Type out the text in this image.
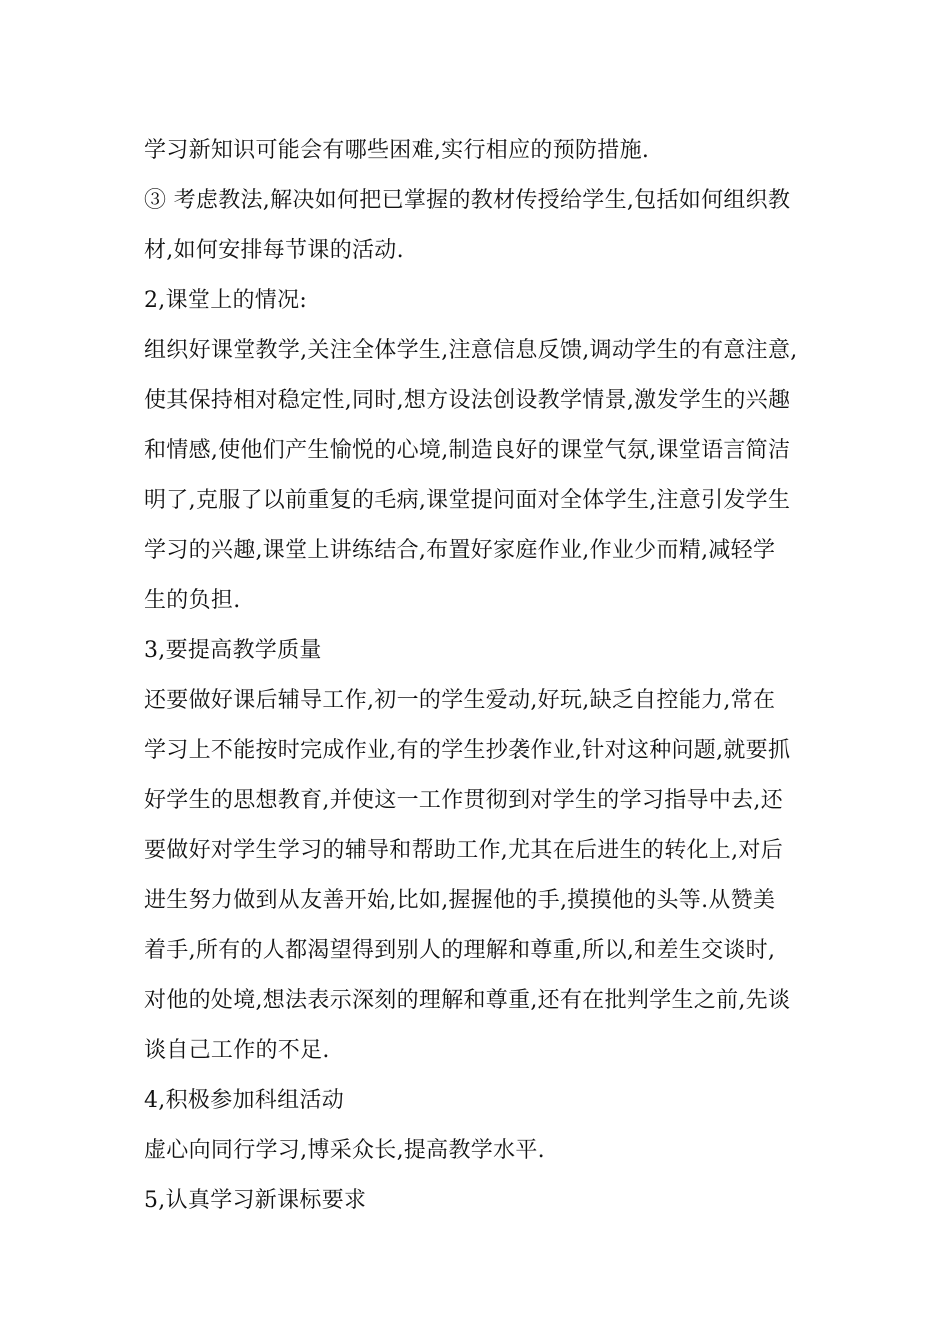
学习新知识可能会有哪些困难,实行相应的预防措施.
③ 考虑教法,解决如何把已掌握的教材传授给学生,包括如何组织教
材,如何安排每节课的活动.
2,课堂上的情况:
组织好课堂教学,关注全体学生,注意信息反馈,调动学生的有意注意,
使其保持相对稳定性,同时,想方设法创设教学情景,激发学生的兴趣
和情感,使他们产生愉悦的心境,制造良好的课堂气氛,课堂语言简洁
明了,克服了以前重复的毛病,课堂提问面对全体学生,注意引发学生
学习的兴趣,课堂上讲练结合,布置好家庭作业,作业少而精,减轻学
生的负担.
3,要提高教学质量
还要做好课后辅导工作,初一的学生爱动,好玩,缺乏自控能力,常在
学习上不能按时完成作业,有的学生抄袭作业,针对这种问题,就要抓
好学生的思想教育,并使这一工作贯彻到对学生的学习指导中去,还
要做好对学生学习的辅导和帮助工作,尤其在后进生的转化上,对后
进生努力做到从友善开始,比如,握握他的手,摸摸他的头等.从赞美
着手,所有的人都渴望得到别人的理解和尊重,所以,和差生交谈时,
对他的处境,想法表示深刻的理解和尊重,还有在批判学生之前,先谈
谈自己工作的不足.
4,积极参加科组活动
虚心向同行学习,博采众长,提高教学水平.
5,认真学习新课标要求
